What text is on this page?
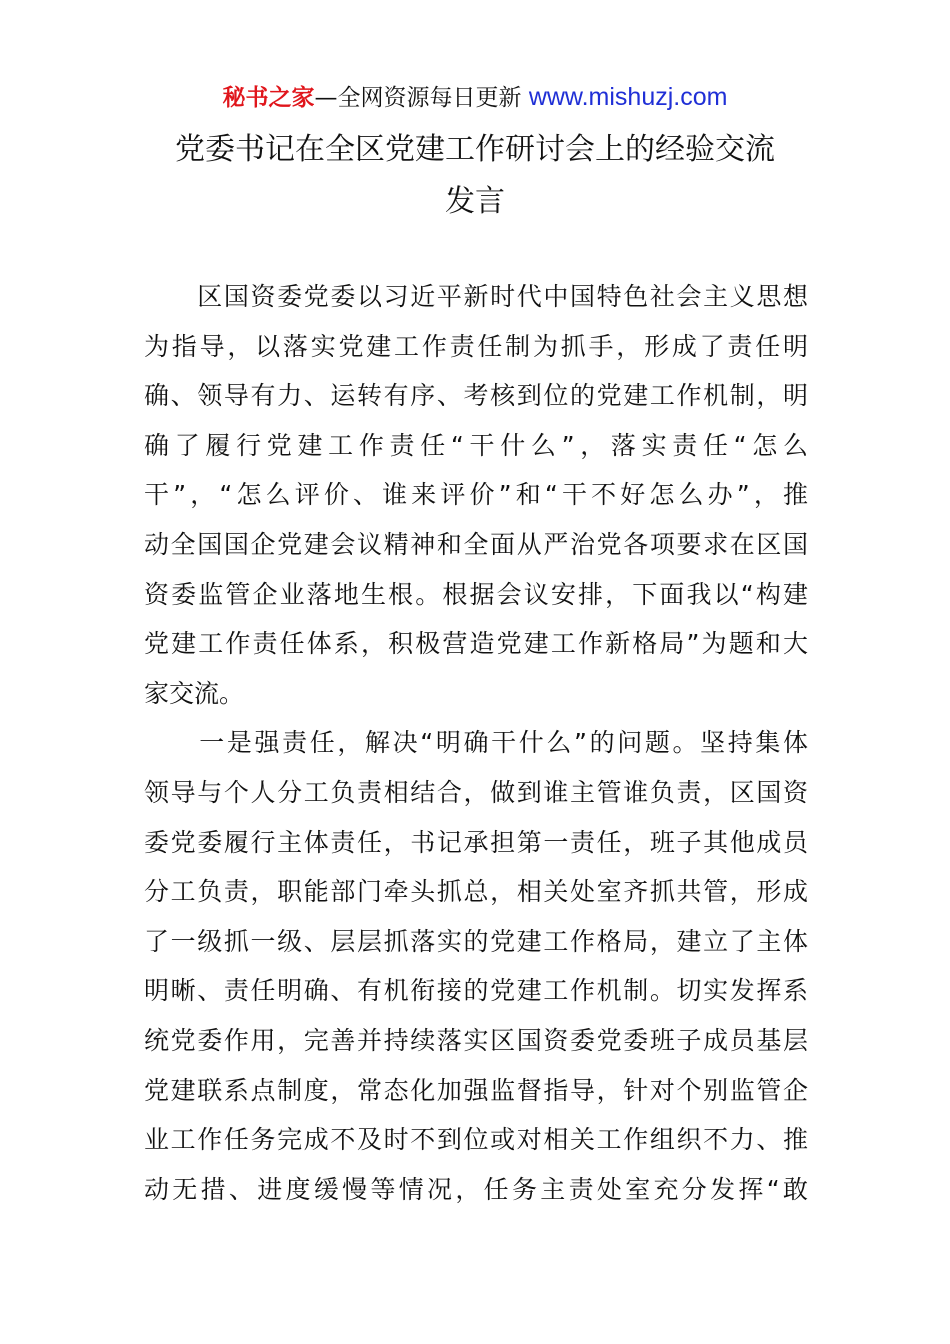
秘书之家—全网资源每日更新 www.mishuzj.com
党委书记在全区党建工作研讨会上的经验交流
发言

　　区国资委党委以习近平新时代中国特色社会主义思想
为指导，以落实党建工作责任制为抓手，形成了责任明
确、领导有力、运转有序、考核到位的党建工作机制，明
确了履行党建工作责任“干什么”，落实责任“怎么
干”，“怎么评价、谁来评价”和“干不好怎么办”，推
动全国国企党建会议精神和全面从严治党各项要求在区国
资委监管企业落地生根。根据会议安排，下面我以“构建
党建工作责任体系，积极营造党建工作新格局”为题和大
家交流。

　　一是强责任，解决“明确干什么”的问题。坚持集体
领导与个人分工负责相结合，做到谁主管谁负责，区国资
委党委履行主体责任，书记承担第一责任，班子其他成员
分工负责，职能部门牵头抓总，相关处室齐抓共管，形成
了一级抓一级、层层抓落实的党建工作格局，建立了主体
明晰、责任明确、有机衔接的党建工作机制。切实发挥系
统党委作用，完善并持续落实区国资委党委班子成员基层
党建联系点制度，常态化加强监督指导，针对个别监管企
业工作任务完成不及时不到位或对相关工作组织不力、推
动无措、进度缓慢等情况，任务主责处室充分发挥“敢
